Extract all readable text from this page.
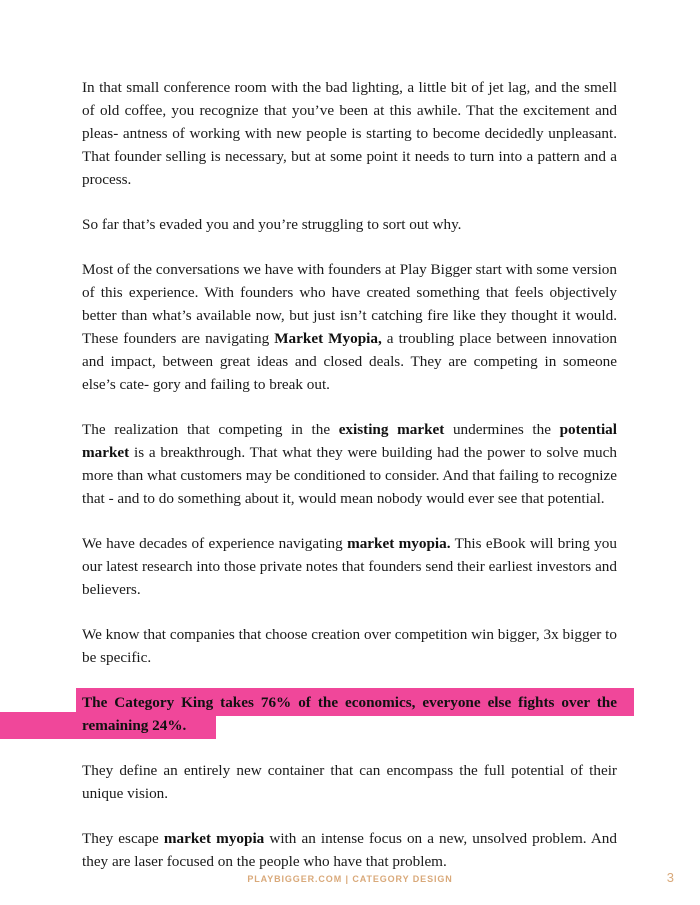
In that small conference room with the bad lighting, a little bit of jet lag, and the smell of old coffee, you recognize that you’ve been at this awhile. That the excitement and pleas- antness of working with new people is starting to become decidedly unpleasant. That founder selling is necessary, but at some point it needs to turn into a pattern and a process.

So far that’s evaded you and you’re struggling to sort out why.

Most of the conversations we have with founders at Play Bigger start with some version of this experience. With founders who have created something that feels objectively better than what’s available now, but just isn’t catching fire like they thought it would. These founders are navigating Market Myopia, a troubling place between innovation and impact, between great ideas and closed deals. They are competing in someone else’s cate- gory and failing to break out.

The realization that competing in the existing market undermines the potential market is a breakthrough. That what they were building had the power to solve much more than what customers may be conditioned to consider. And that failing to recognize that - and to do something about it, would mean nobody would ever see that potential.

We have decades of experience navigating market myopia. This eBook will bring you our latest research into those private notes that founders send their earliest investors and believers.

We know that companies that choose creation over competition win bigger, 3x bigger to be specific.

The Category King takes 76% of the economics, everyone else fights over the remaining 24%.

They define an entirely new container that can encompass the full potential of their unique vision.

They escape market myopia with an intense focus on a new, unsolved problem. And they are laser focused on the people who have that problem.

PLAYBIGGER.COM | CATEGORY DESIGN	3
